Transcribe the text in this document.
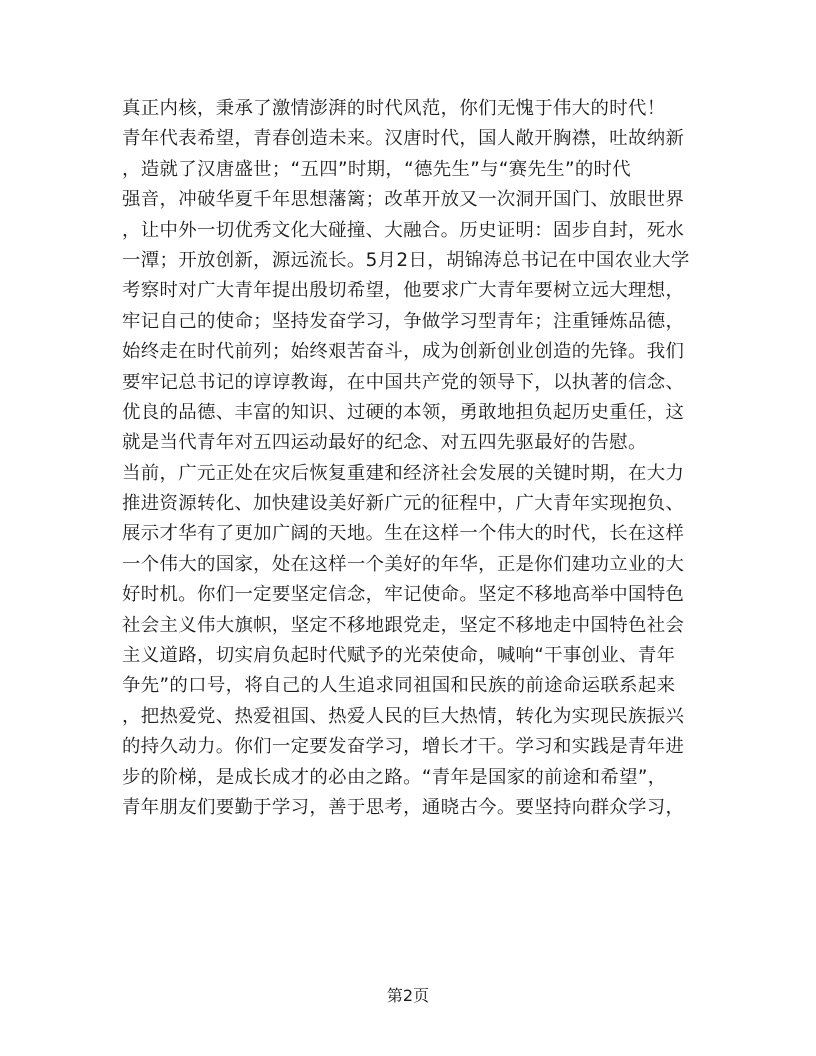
真正内核，秉承了激情澎湃的时代风范，你们无愧于伟大的时代！
青年代表希望，青春创造未来。汉唐时代，国人敞开胸襟，吐故纳新
，造就了汉唐盛世；“五四”时期，“德先生”与“赛先生”的时代
强音，冲破华夏千年思想藩篱；改革开放又一次洞开国门、放眼世界
，让中外一切优秀文化大碰撞、大融合。历史证明：固步自封，死水
一潭；开放创新，源远流长。5月2日，胡锦涛总书记在中国农业大学
考察时对广大青年提出殷切希望，他要求广大青年要树立远大理想，
牢记自己的使命；坚持发奋学习，争做学习型青年；注重锤炼品德，
始终走在时代前列；始终艰苦奋斗，成为创新创业创造的先锋。我们
要牢记总书记的谆谆教诲，在中国共产党的领导下，以执著的信念、
优良的品德、丰富的知识、过硬的本领，勇敢地担负起历史重任，这
就是当代青年对五四运动最好的纪念、对五四先驱最好的告慰。
当前，广元正处在灾后恢复重建和经济社会发展的关键时期，在大力
推进资源转化、加快建设美好新广元的征程中，广大青年实现抱负、
展示才华有了更加广阔的天地。生在这样一个伟大的时代，长在这样
一个伟大的国家，处在这样一个美好的年华，正是你们建功立业的大
好时机。你们一定要坚定信念，牢记使命。坚定不移地高举中国特色
社会主义伟大旗帜，坚定不移地跟党走，坚定不移地走中国特色社会
主义道路，切实肩负起时代赋予的光荣使命，喊响“干事创业、青年
争先”的口号，将自己的人生追求同祖国和民族的前途命运联系起来
，把热爱党、热爱祖国、热爱人民的巨大热情，转化为实现民族振兴
的持久动力。你们一定要发奋学习，增长才干。学习和实践是青年进
步的阶梯，是成长成才的必由之路。“青年是国家的前途和希望”，
青年朋友们要勤于学习，善于思考，通晓古今。要坚持向群众学习，
第2页
